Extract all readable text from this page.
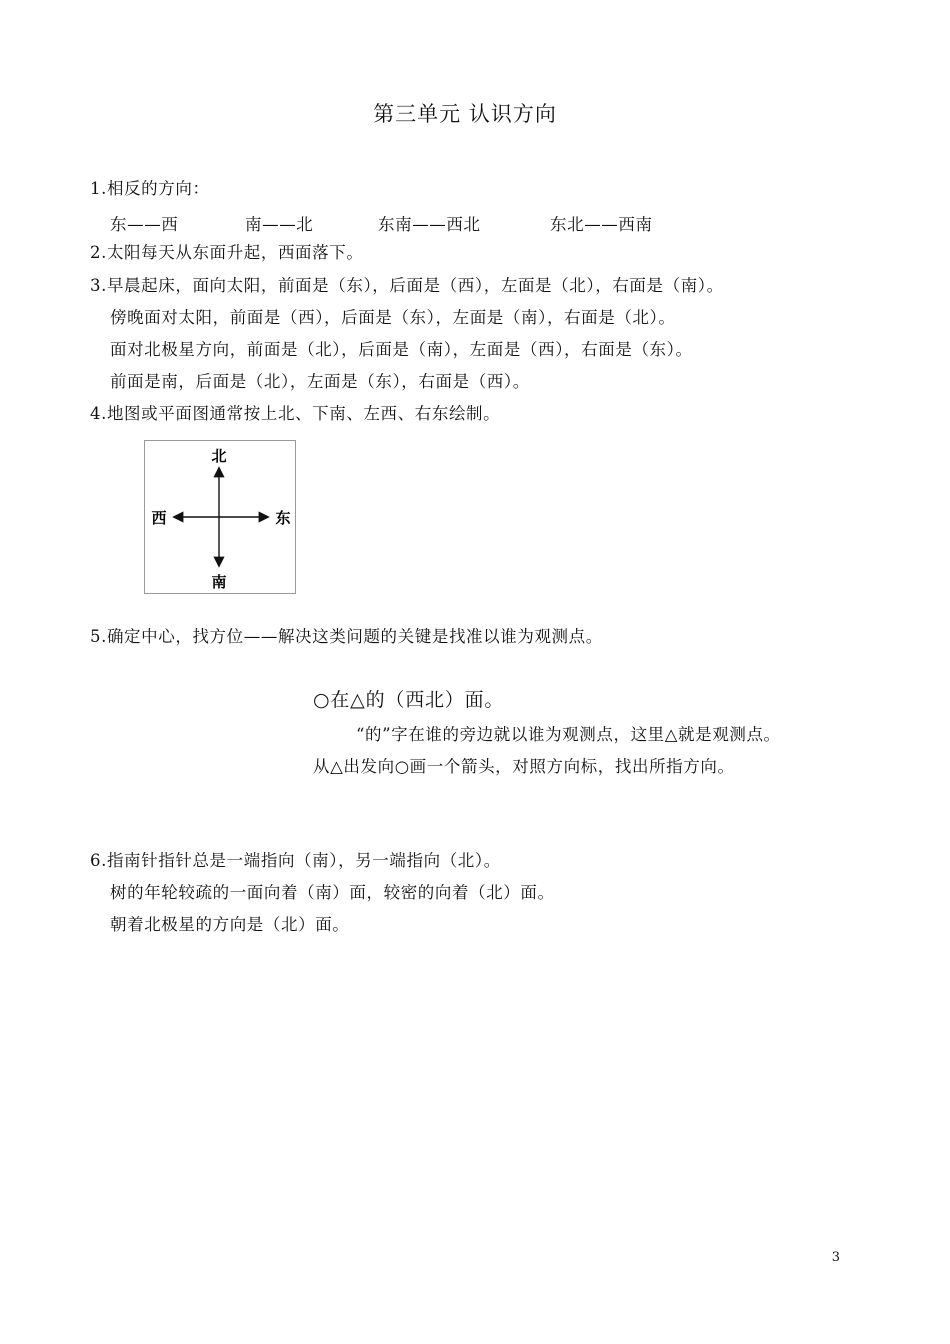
第三单元 认识方向
1.相反的方向：
东——西	南——北	东南——西北	东北——西南
2.太阳每天从东面升起，西面落下。
3.早晨起床，面向太阳，前面是（东），后面是（西），左面是（北），右面是（南）。
傍晚面对太阳，前面是（西），后面是（东），左面是（南），右面是（北）。
面对北极星方向，前面是（北），后面是（南），左面是（西），右面是（东）。
前面是南，后面是（北），左面是（东），右面是（西）。
4.地图或平面图通常按上北、下南、左西、右东绘制。
北
南
西	东
5.确定中心，找方位——解决这类问题的关键是找准以谁为观测点。
○在△的（西北）面。
“的”字在谁的旁边就以谁为观测点，这里△就是观测点。
从△出发向○画一个箭头，对照方向标，找出所指方向。
6.指南针指针总是一端指向（南），另一端指向（北）。
树的年轮较疏的一面向着（南）面，较密的向着（北）面。
朝着北极星的方向是（北）面。
3
